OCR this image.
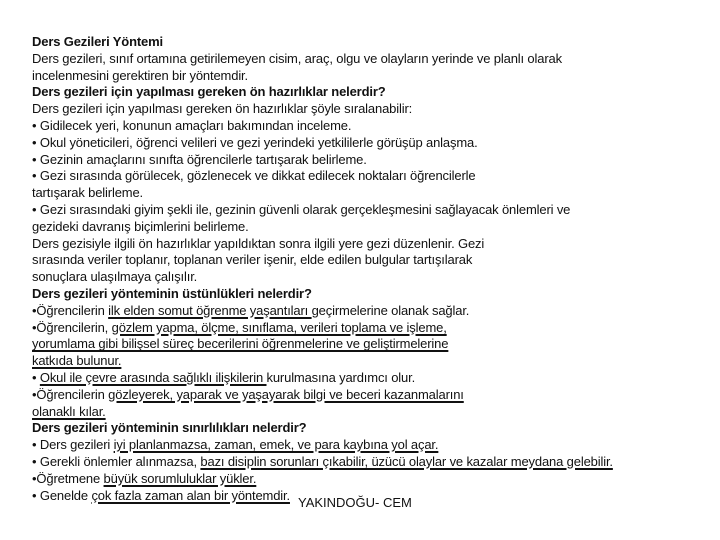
Ders Gezileri Yöntemi
Ders gezileri, sınıf ortamına getirilemeyen cisim, araç, olgu ve olayların yerinde ve planlı olarak
incelenmesini gerektiren bir yöntemdir.
Ders gezileri için yapılması gereken ön hazırlıklar nelerdir?
Ders gezileri için yapılması gereken ön hazırlıklar şöyle sıralanabilir:
• Gidilecek yeri, konunun amaçları bakımından inceleme.
• Okul yöneticileri, öğrenci velileri ve gezi yerindeki yetkililerle görüşüp anlaşma.
• Gezinin amaçlarını sınıfta öğrencilerle tartışarak belirleme.
• Gezi sırasında görülecek, gözlenecek ve dikkat edilecek noktaları öğrencilerle
tartışarak belirleme.
• Gezi sırasındaki giyim şekli ile, gezinin güvenli olarak gerçekleşmesini sağlayacak önlemleri ve
gezideki davranış biçimlerini belirleme.
Ders gezisiyle ilgili ön hazırlıklar yapıldıktan sonra ilgili yere gezi düzenlenir. Gezi
sırasında veriler toplanır, toplanan veriler işenir, elde edilen bulgular tartışılarak
sonuçlara ulaşılmaya çalışılır.
Ders gezileri yönteminin üstünlükleri nelerdir?
•Öğrencilerin ilk elden somut öğrenme yaşantıları geçirmelerine olanak sağlar.
•Öğrencilerin, gözlem yapma, ölçme, sınıflama, verileri toplama ve işleme,
yorumlama gibi bilişsel süreç becerilerini öğrenmelerine ve geliştirmelerine
katkıda bulunur.
• Okul ile çevre arasında sağlıklı ilişkilerin kurulmasına yardımcı olur.
•Öğrencilerin gözleyerek, yaparak ve yaşayarak bilgi ve beceri kazanmalarını
olanaklı kılar.
Ders gezileri yönteminin sınırlılıkları nelerdir?
• Ders gezileri iyi planlanmazsa, zaman, emek, ve para kaybına yol açar.
• Gerekli önlemler alınmazsa, bazı disiplin sorunları çıkabilir, üzücü olaylar ve kazalar meydana gelebilir.
•Öğretmene büyük sorumluluklar yükler.
• Genelde çok fazla zaman alan bir yöntemdir. YAKINDOĞU- CEM
